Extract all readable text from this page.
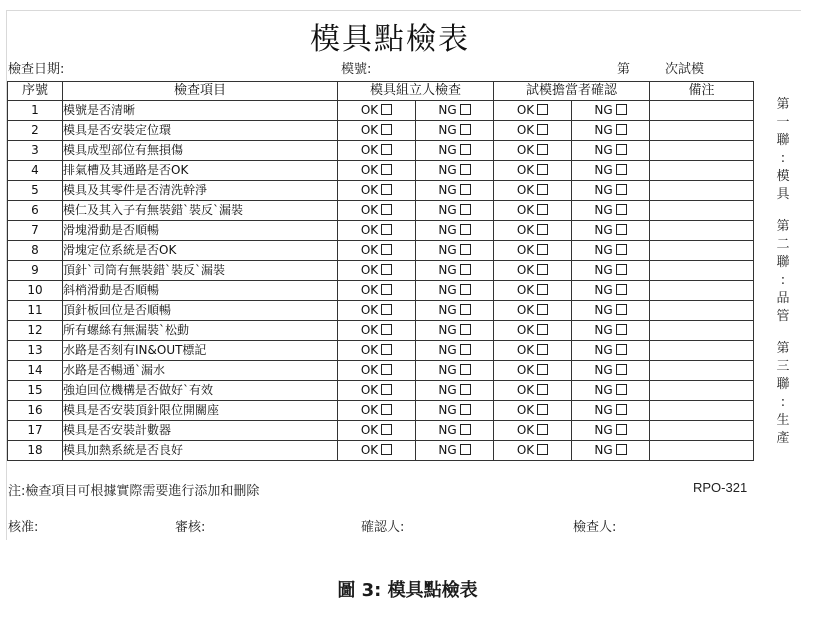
模具點檢表
檢查日期:	模號:	第	次試模
序號	檢查項目	模具組立人檢查		試模擔當者確認		備注
1	模號是否清晰	OK	NG	OK	NG	
2	模具是否安裝定位環	OK	NG	OK	NG	
3	模具成型部位有無損傷	OK	NG	OK	NG	
4	排氣槽及其通路是否OK	OK	NG	OK	NG	
5	模具及其零件是否清洗幹淨	OK	NG	OK	NG	
6	模仁及其入子有無裝錯`裝反`漏裝	OK	NG	OK	NG	
7	滑塊滑動是否順暢	OK	NG	OK	NG	
8	滑塊定位系統是否OK	OK	NG	OK	NG	
9	頂針`司筒有無裝錯`裝反`漏裝	OK	NG	OK	NG	
10	斜梢滑動是否順暢	OK	NG	OK	NG	
11	頂針板回位是否順暢	OK	NG	OK	NG	
12	所有螺絲有無漏裝`松動	OK	NG	OK	NG	
13	水路是否刻有IN&OUT標記	OK	NG	OK	NG	
14	水路是否暢通`漏水	OK	NG	OK	NG	
15	強迫回位機構是否做好`有效	OK	NG	OK	NG	
16	模具是否安裝頂針限位開關座	OK	NG	OK	NG	
17	模具是否安裝計數器	OK	NG	OK	NG	
18	模具加熱系統是否良好	OK	NG	OK	NG	
第
一
聯
:
模
具
第
二
聯
:
品
管
第
三
聯
:
生
產
注:檢查項目可根據實際需要進行添加和刪除	RPO-321
核准:	審核:	確認人:	檢查人:
圖 3: 模具點檢表
